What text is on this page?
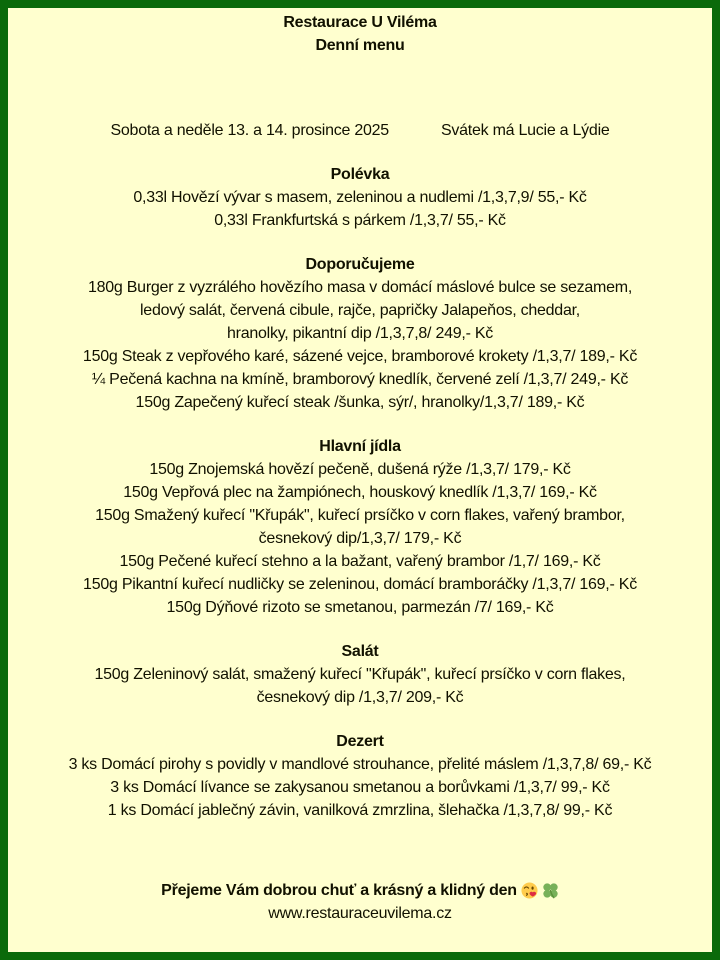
Restaurace U Viléma
Denní menu
Sobota a neděle 13. a 14. prosince 2025	Svátek má Lucie a Lýdie
Polévka
0,33l Hovězí vývar s masem, zeleninou a nudlemi /1,3,7,9/ 55,- Kč
0,33l Frankfurtská s párkem /1,3,7/ 55,- Kč
Doporučujeme
180g Burger z vyzrálého hovězího masa v domácí máslové bulce se sezamem,
ledový salát, červená cibule, rajče, papričky Jalapeňos, cheddar,
hranolky, pikantní dip /1,3,7,8/ 249,- Kč
150g Steak z vepřového karé, sázené vejce, bramborové krokety /1,3,7/ 189,- Kč
¼ Pečená kachna na kmíně, bramborový knedlík, červené zelí /1,3,7/ 249,- Kč
150g Zapečený kuřecí steak /šunka, sýr/, hranolky/1,3,7/ 189,- Kč
Hlavní jídla
150g Znojemská hovězí pečeně, dušená rýže /1,3,7/ 179,- Kč
150g Vepřová plec na žampiónech, houskový knedlík /1,3,7/ 169,- Kč
150g Smažený kuřecí "Křupák", kuřecí prsíčko v corn flakes, vařený brambor,
česnekový dip/1,3,7/ 179,- Kč
150g Pečené kuřecí stehno a la bažant, vařený brambor /1,7/ 169,- Kč
150g Pikantní kuřecí nudličky se zeleninou, domácí bramboráčky /1,3,7/ 169,- Kč
150g Dýňové rizoto se smetanou, parmezán /7/ 169,- Kč
Salát
150g Zeleninový salát, smažený kuřecí "Křupák", kuřecí prsíčko v corn flakes,
česnekový dip /1,3,7/ 209,- Kč
Dezert
3 ks Domácí pirohy s povidly v mandlové strouhance, přelité máslem /1,3,7,8/ 69,- Kč
3 ks Domácí lívance se zakysanou smetanou a borůvkami /1,3,7/ 99,- Kč
1 ks Domácí jablečný závin, vanilková zmrzlina, šlehačka /1,3,7,8/ 99,- Kč
Přejeme Vám dobrou chuť a krásný a klidný den
www.restauraceuvilema.cz
